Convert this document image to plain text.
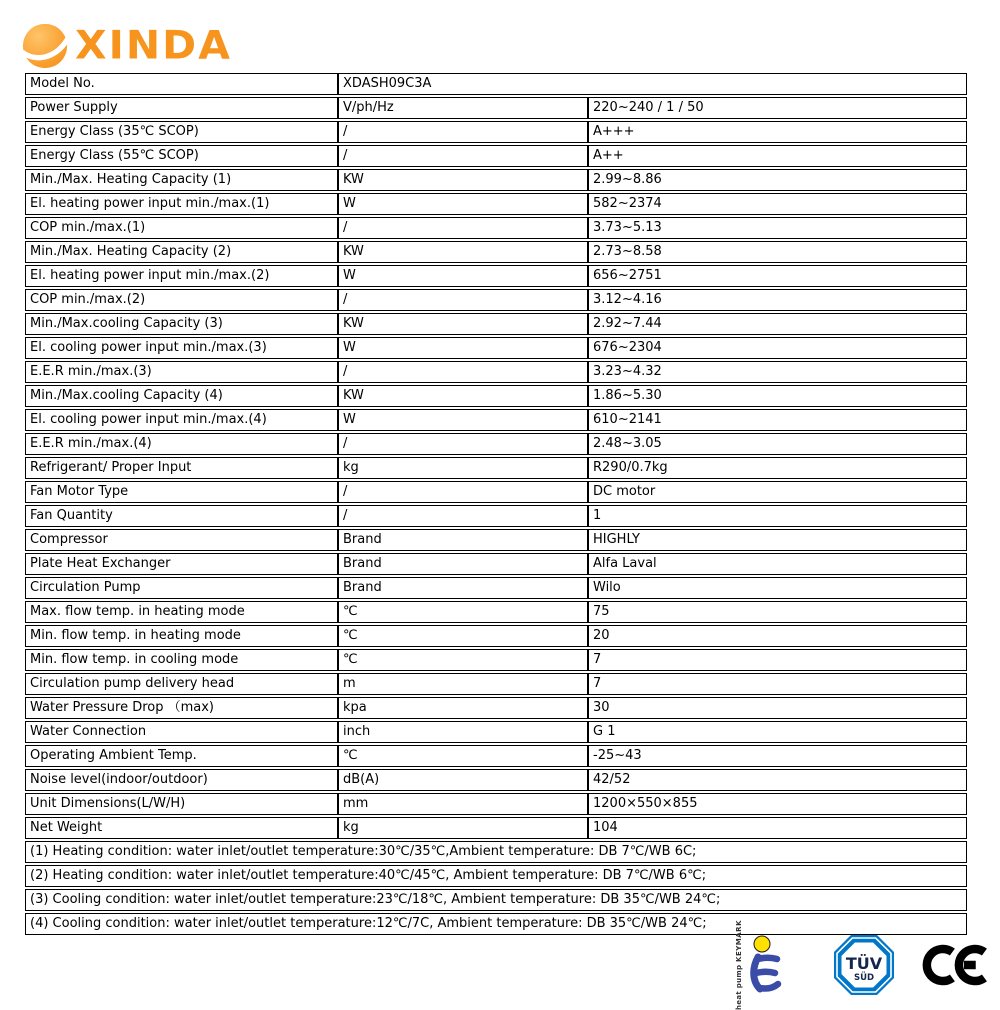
XINDA
Model No.	XDASH09C3A	
Power Supply	V/ph/Hz	220~240 / 1 / 50
Energy Class (35℃ SCOP)	/	A+++
Energy Class (55℃ SCOP)	/	A++
Min./Max. Heating Capacity (1)	KW	2.99~8.86
El. heating power input min./max.(1)	W	582~2374
COP min./max.(1)	/	3.73~5.13
Min./Max. Heating Capacity (2)	KW	2.73~8.58
El. heating power input min./max.(2)	W	656~2751
COP min./max.(2)	/	3.12~4.16
Min./Max.cooling Capacity (3)	KW	2.92~7.44
El. cooling power input min./max.(3)	W	676~2304
E.E.R min./max.(3)	/	3.23~4.32
Min./Max.cooling Capacity (4)	KW	1.86~5.30
El. cooling power input min./max.(4)	W	610~2141
E.E.R min./max.(4)	/	2.48~3.05
Refrigerant/ Proper Input	kg	R290/0.7kg
Fan Motor Type	/	DC motor
Fan Quantity	/	1
Compressor	Brand	HIGHLY
Plate Heat Exchanger	Brand	Alfa Laval
Circulation Pump	Brand	Wilo
Max. flow temp. in heating mode	℃	75
Min. flow temp. in heating mode	℃	20
Min. flow temp. in cooling mode	℃	7
Circulation pump delivery head	m	7
Water Pressure Drop （max)	kpa	30
Water Connection	inch	G 1
Operating Ambient Temp.	℃	-25~43
Noise level(indoor/outdoor)	dB(A)	42/52
Unit Dimensions(L/W/H)	mm	1200×550×855
Net Weight	kg	104
(1) Heating condition: water inlet/outlet temperature:30℃/35℃,Ambient temperature: DB 7℃/WB 6C;		
(2) Heating condition: water inlet/outlet temperature:40℃/45℃, Ambient temperature: DB 7℃/WB 6℃;		
(3) Cooling condition: water inlet/outlet temperature:23℃/18℃, Ambient temperature: DB 35℃/WB 24℃;		
(4) Cooling condition: water inlet/outlet temperature:12℃/7C, Ambient temperature: DB 35℃/WB 24℃;		
heat pump KEYMARK
TÜV
SÜD
